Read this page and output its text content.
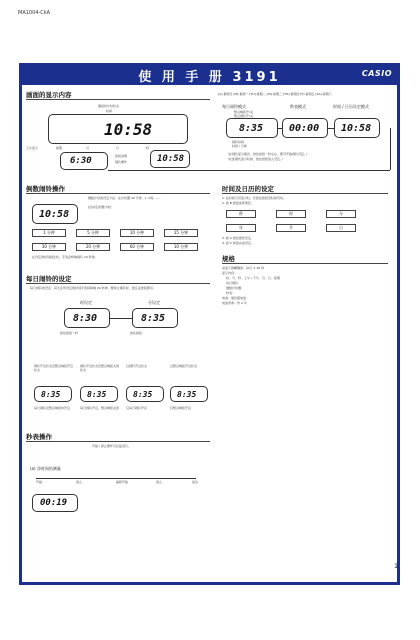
MA1004-CkA
使 用 手 册 3191	CASIO
画面的显示内容
通常时计时状态
时间
10:58
上午显示	星期	月	日	秒
6:30	按钮说明
闹铃操作	10:58
[A]:星期日 [M]:星期一 [TU]:星期二 [W]:星期三 [TH]:星期四 [F]:星期五 [SA]:星期六
每日闹铃模式	秒表模式	时间 / 日历设定模式
整点响报开/关
整点闹铃开/关
8:35	00:00 10:58
闹铃时间
时间 / 分钟
（在闹铃显示模式，按住按钮一秒左右，即可开始闹铃设定。）
（在此模式显示时间，按住按钮进入设定。）
倒数闹铃操作
倒数计时的设定方法：在计时器 30 分钟、1 小时 ……
[启动定时器计时]
10:58
1 分钟	5 分钟	10 分钟	15 分钟
30 分钟	20 分钟	60 分钟	10 分钟
在设定的时刻到达时，手表会鸣响闹铃 10 秒钟。
每日闹铃的设定
每日闹铃的设定：每天在所设定的时刻手表将鸣响 20 秒钟，要停止闹铃时，按任意按钮即可。
时设定	分设定
8:30	8:35
按住按钮一秒	按住按钮
闹铃开启状态及整点响报开启状态
闹铃开启状态及整点响报关闭状态
仅闹铃开启状态	仅整点响报开启状态
8:35	8:35	8:35	8:35
每日闹铃及整点响报均开启	每日闹铃开启，整点响报关闭	仅每日闹铃开启	仅整点响报开启
秒表操作
开始 / 停止操作可反复进行。
(a) 净时间的测量
开始	停止	重新开始	停止	复位
00:19
时间及日历的设定
1. 在时间日历显示时，先按住按钮至时间闪动。
2. 按 B 按钮选择项目。
秒	时	分
年	月	日
3. 按 A 按钮更改设定。
4. 按 C 按钮完成设定。
规格
常温下的精确度：每月 ± 30 秒
显示内容：
时、分、秒、上午 / 下午、月、日、星期
每日闹铃：
倒数计时器：
秒表：
电池：氧化银电池
电池寿命：约 2 年
1
